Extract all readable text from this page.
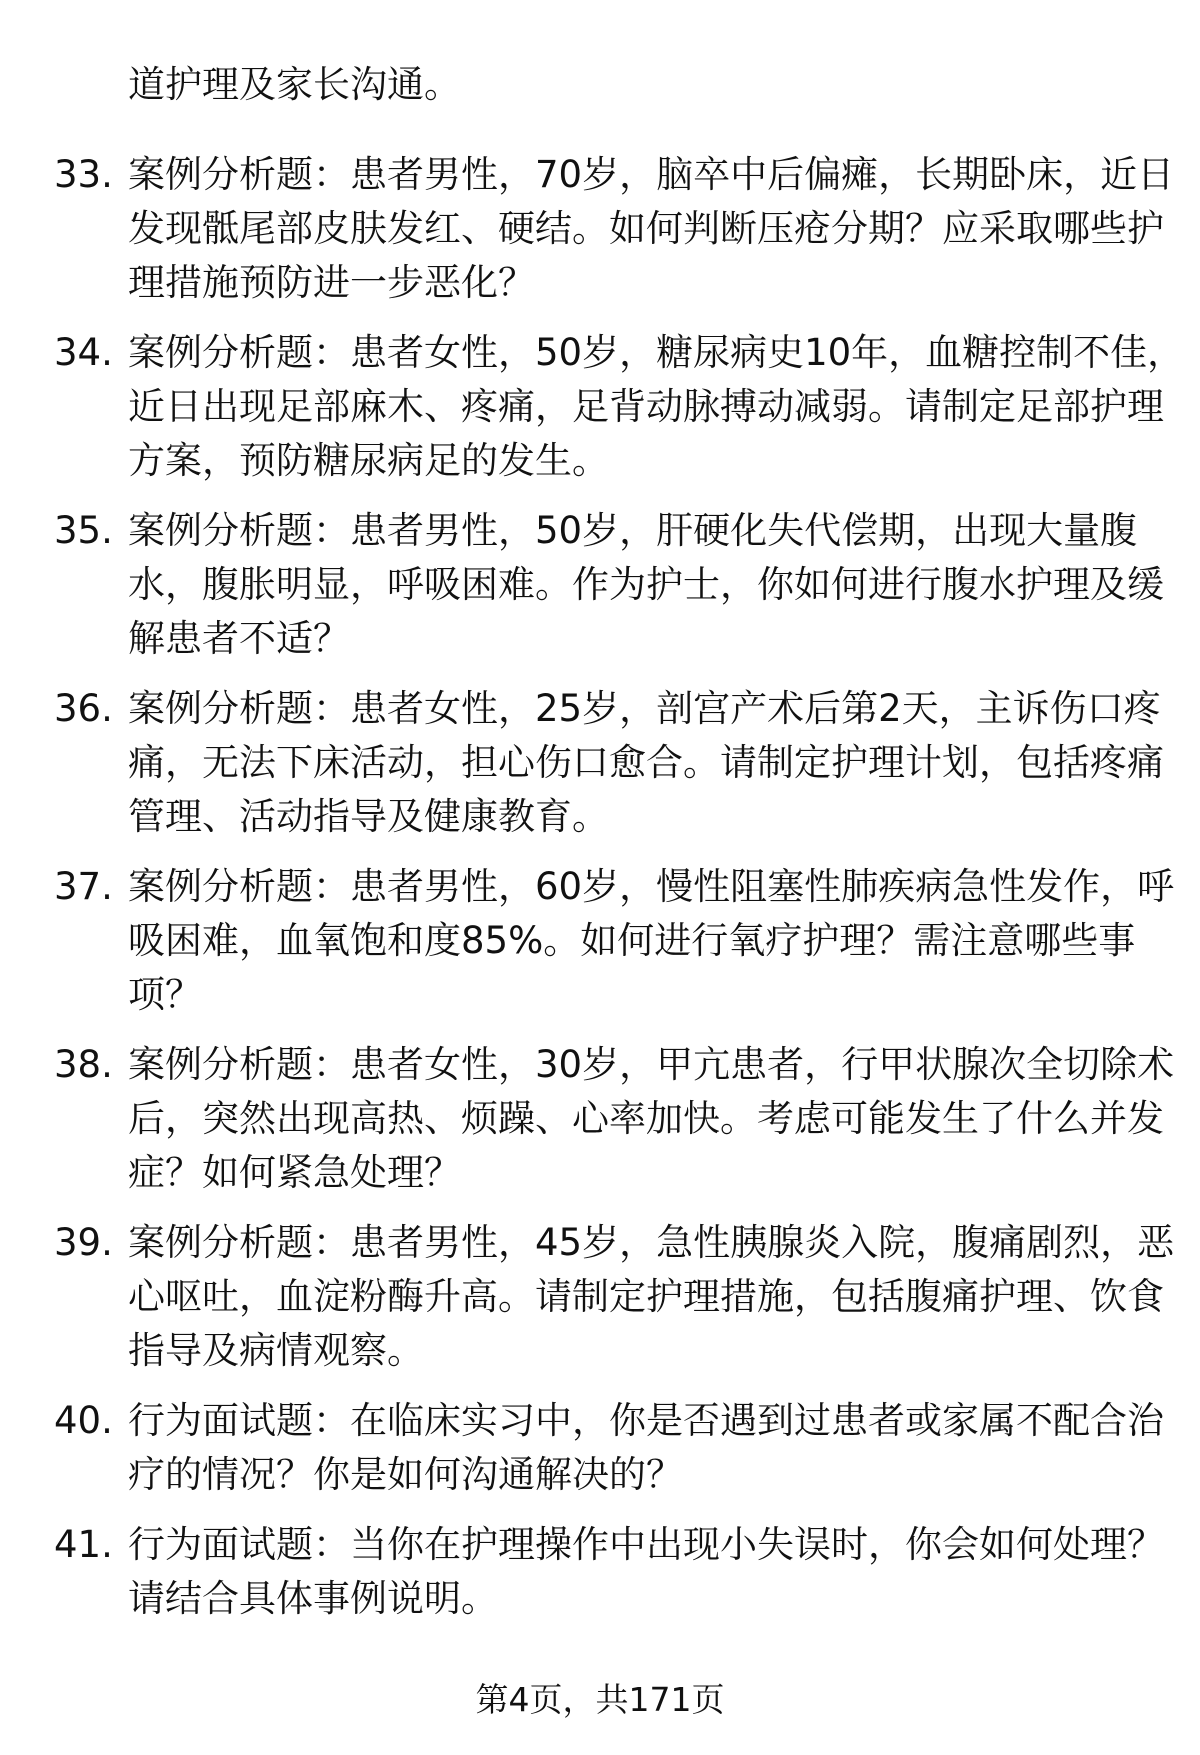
道护理及家长沟通。

33. 案例分析题：患者男性，70岁，脑卒中后偏瘫，长期卧床，近日
发现骶尾部皮肤发红、硬结。如何判断压疮分期？应采取哪些护
理措施预防进一步恶化？

34. 案例分析题：患者女性，50岁，糖尿病史10年，血糖控制不佳，
近日出现足部麻木、疼痛，足背动脉搏动减弱。请制定足部护理
方案，预防糖尿病足的发生。

35. 案例分析题：患者男性，50岁，肝硬化失代偿期，出现大量腹
水，腹胀明显，呼吸困难。作为护士，你如何进行腹水护理及缓
解患者不适？

36. 案例分析题：患者女性，25岁，剖宫产术后第2天，主诉伤口疼
痛，无法下床活动，担心伤口愈合。请制定护理计划，包括疼痛
管理、活动指导及健康教育。

37. 案例分析题：患者男性，60岁，慢性阻塞性肺疾病急性发作，呼
吸困难，血氧饱和度85%。如何进行氧疗护理？需注意哪些事
项？

38. 案例分析题：患者女性，30岁，甲亢患者，行甲状腺次全切除术
后，突然出现高热、烦躁、心率加快。考虑可能发生了什么并发
症？如何紧急处理？

39. 案例分析题：患者男性，45岁，急性胰腺炎入院，腹痛剧烈，恶
心呕吐，血淀粉酶升高。请制定护理措施，包括腹痛护理、饮食
指导及病情观察。

40. 行为面试题：在临床实习中，你是否遇到过患者或家属不配合治
疗的情况？你是如何沟通解决的？

41. 行为面试题：当你在护理操作中出现小失误时，你会如何处理？
请结合具体事例说明。

第4页，共171页
